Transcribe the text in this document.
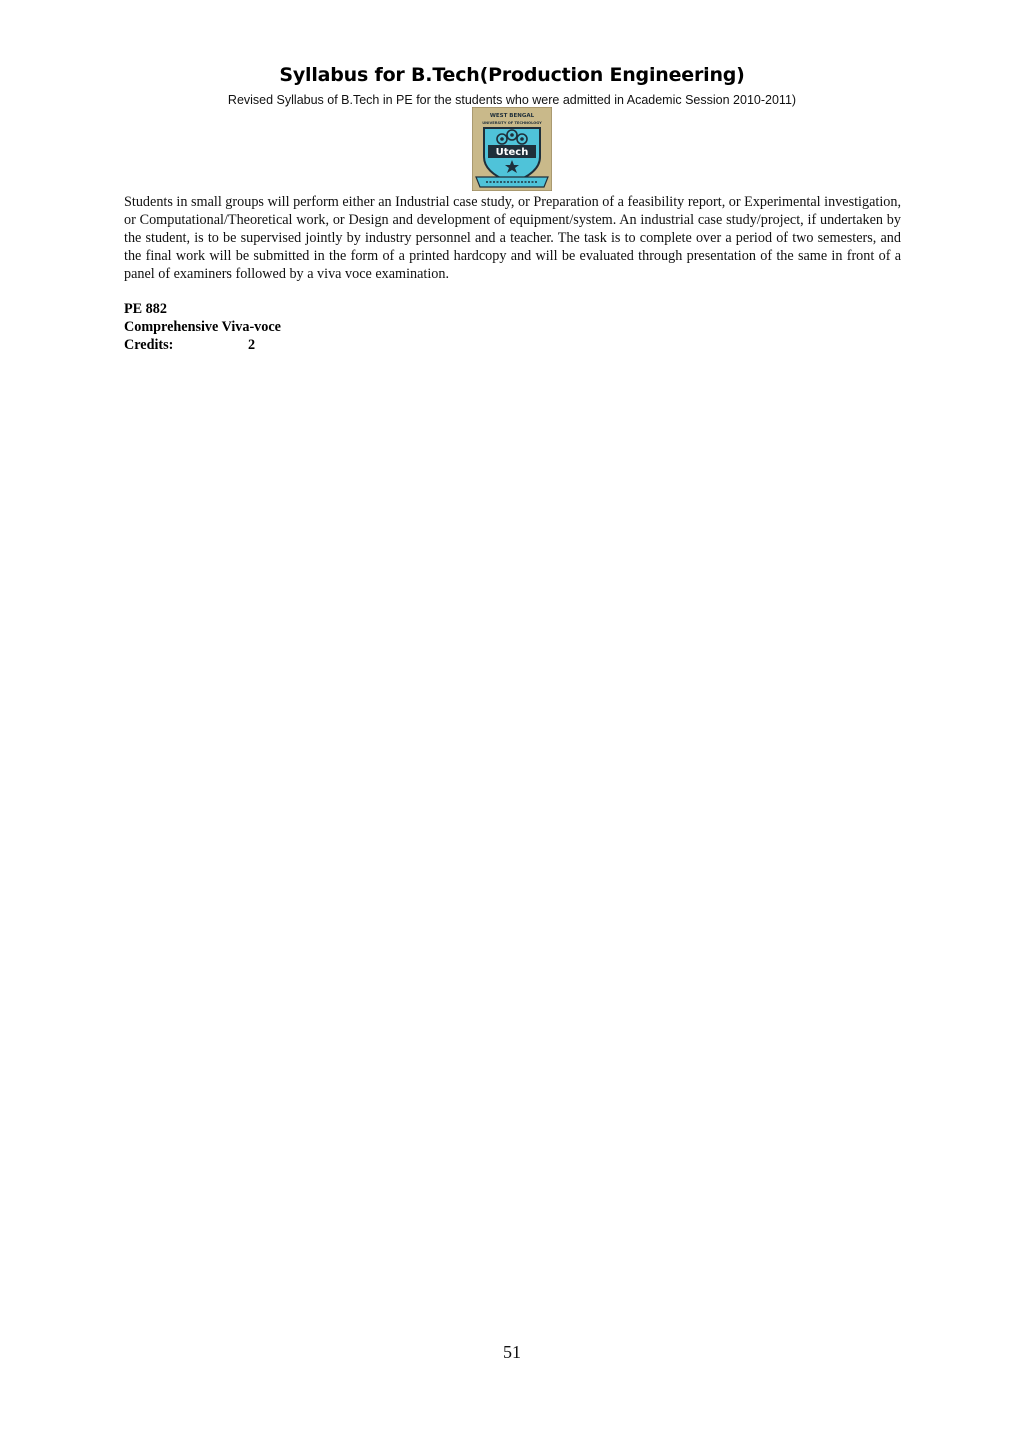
Syllabus for B.Tech(Production Engineering)
Revised Syllabus of B.Tech in PE for the students who were admitted in Academic Session 2010-2011)
WEST BENGAL
UNIVERSITY OF TECHNOLOGY
Utech
Students in small groups will perform either an Industrial case study, or Preparation of a feasibility report, or Experimental investigation, or Computational/Theoretical work, or Design and development of equipment/system. An industrial case study/project, if undertaken by the student, is to be supervised jointly by industry personnel and a teacher. The task is to complete over a period of two semesters, and the final work will be submitted in the form of a printed hardcopy and will be evaluated through presentation of the same in front of a panel of examiners followed by a viva voce examination.
PE 882
Comprehensive Viva-voce
Credits:	2
51
